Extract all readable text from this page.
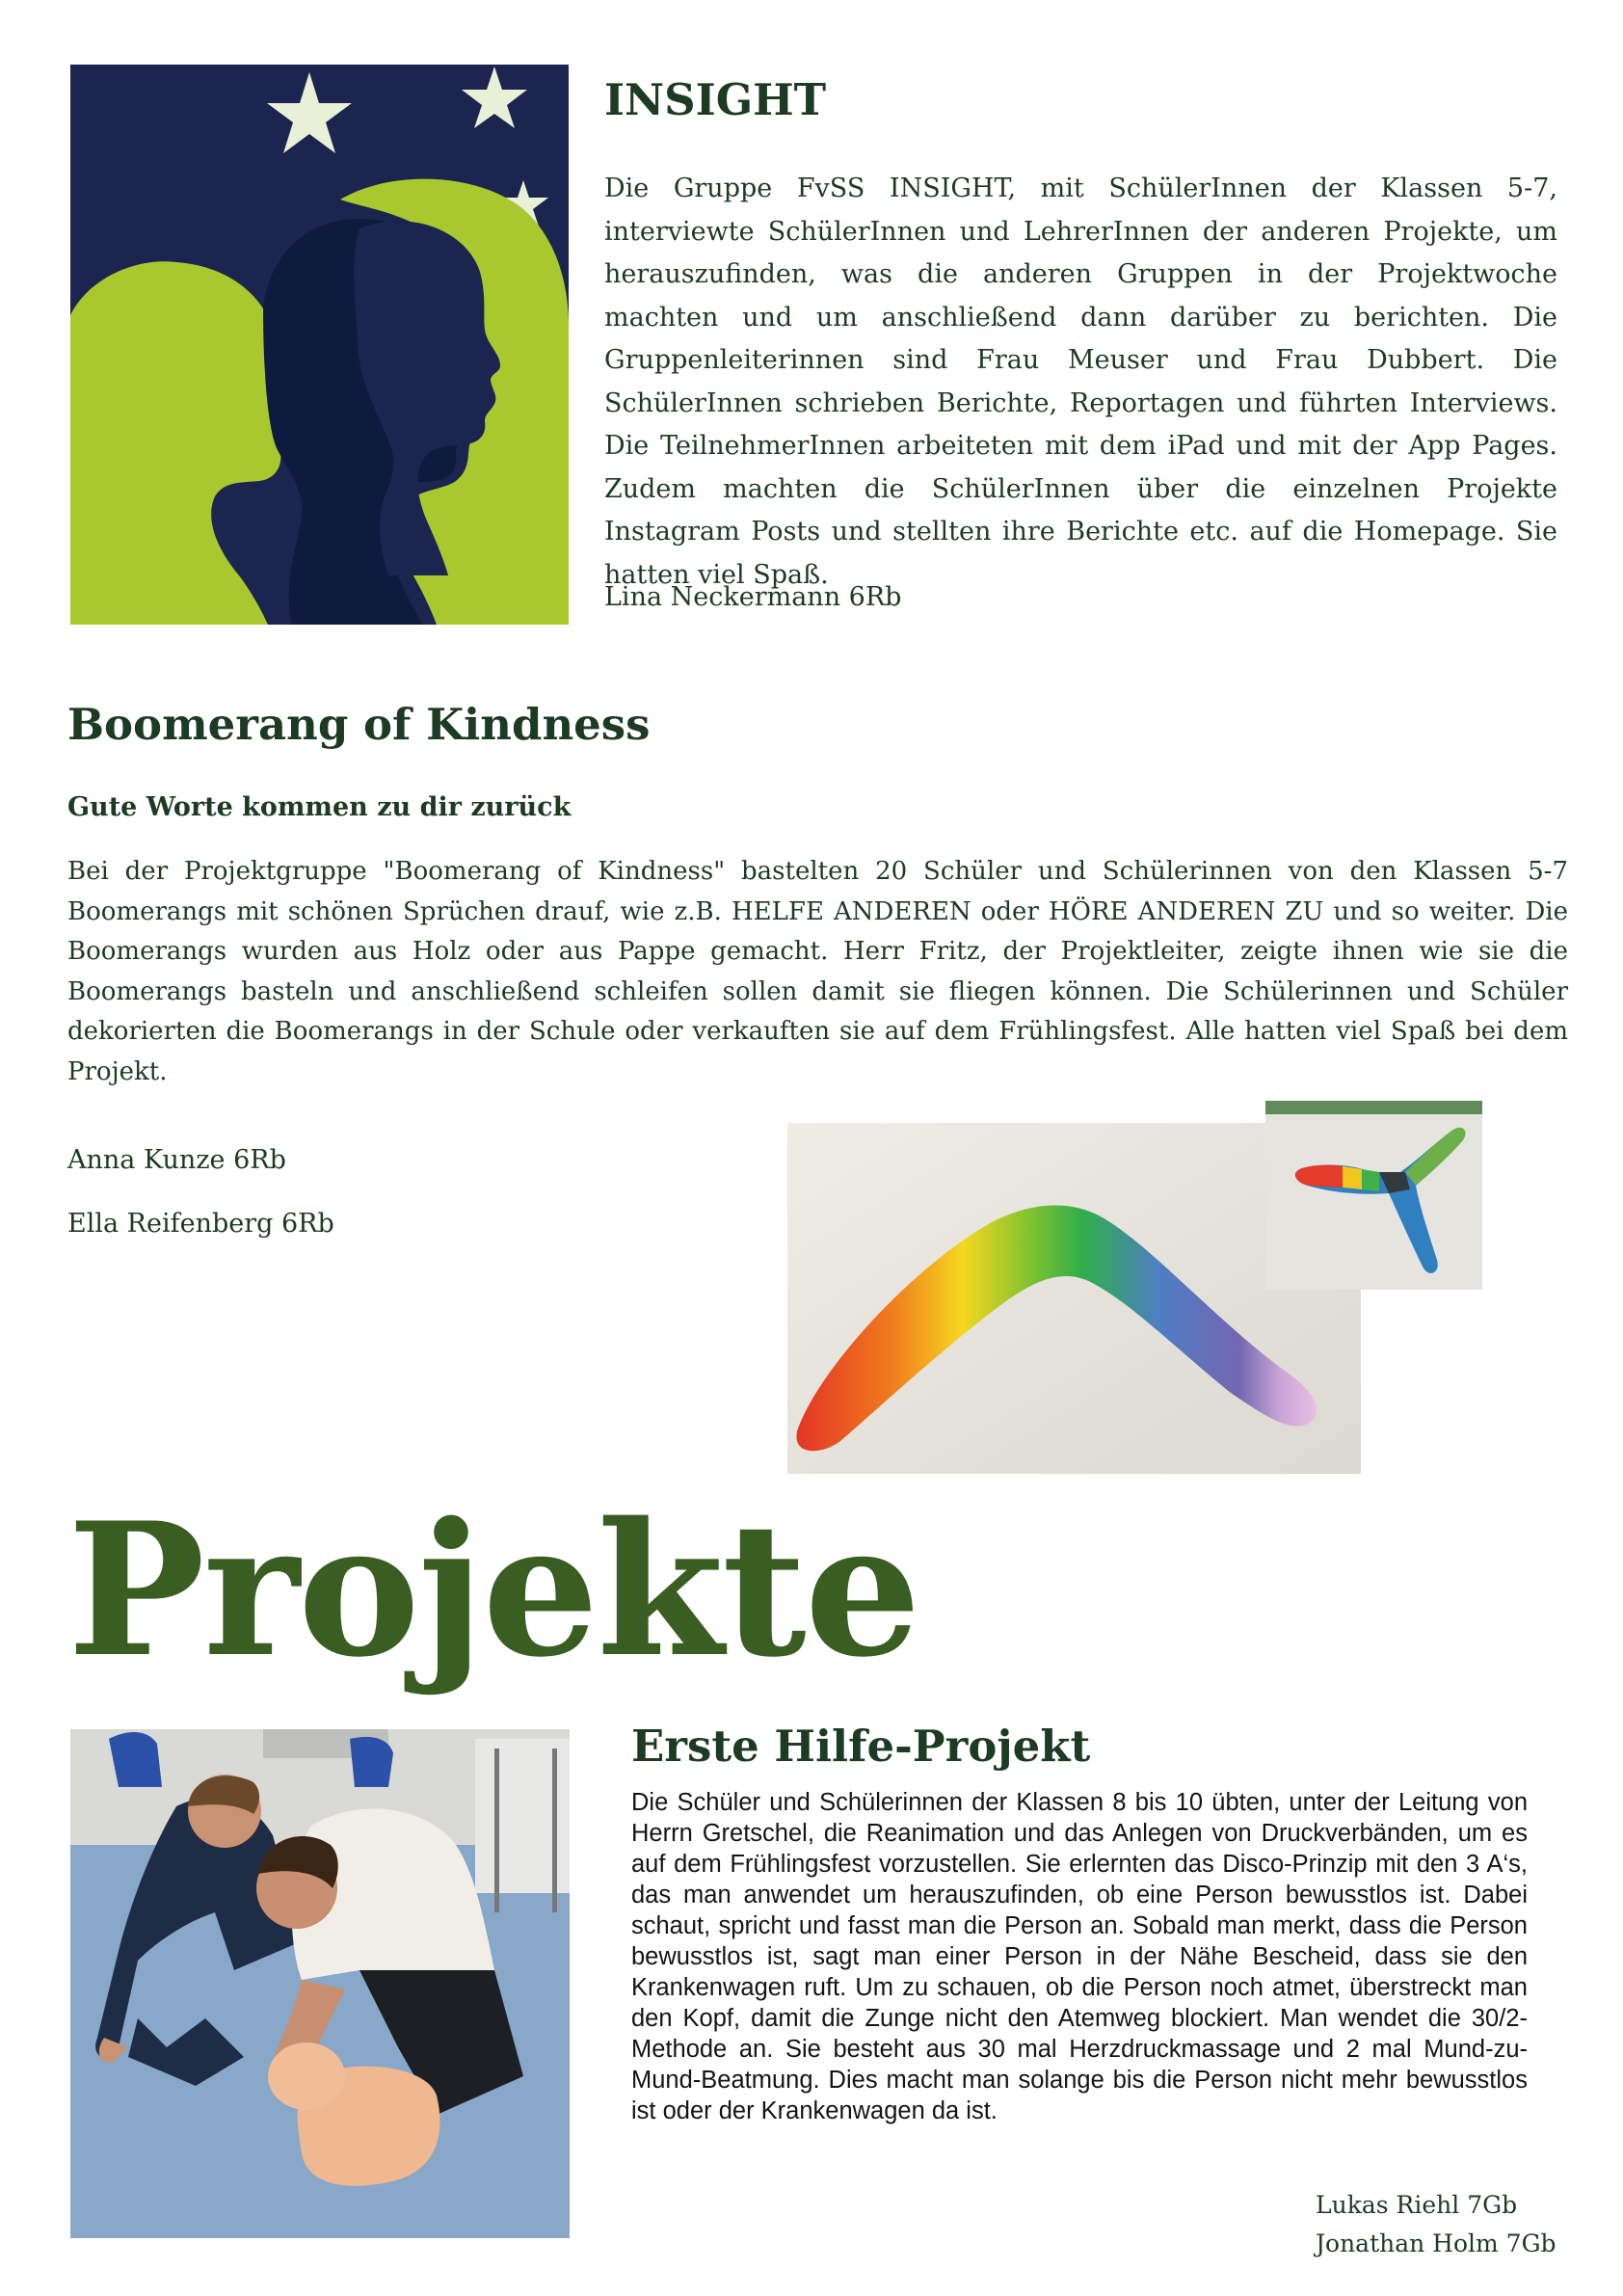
INSIGHT

Die Gruppe FvSS INSIGHT, mit SchülerInnen der Klassen 5-7, interviewte SchülerInnen und LehrerInnen der anderen Projekte, um herauszufinden, was die anderen Gruppen in der Projektwoche machten und um anschließend dann darüber zu berichten. Die Gruppenleiterinnen sind Frau Meuser und Frau Dubbert. Die SchülerInnen schrieben Berichte, Reportagen und führten Interviews. Die TeilnehmerInnen arbeiteten mit dem iPad und mit der App Pages. Zudem machten die SchülerInnen über die einzelnen Projekte Instagram Posts und stellten ihre Berichte etc. auf die Homepage. Sie hatten viel Spaß.

Lina Neckermann 6Rb

Boomerang of Kindness
Gute Worte kommen zu dir zurück

Bei der Projektgruppe "Boomerang of Kindness" bastelten 20 Schüler und Schülerinnen von den Klassen 5-7 Boomerangs mit schönen Sprüchen drauf, wie z.B. HELFE ANDEREN oder HÖRE ANDEREN ZU und so weiter. Die Boomerangs wurden aus Holz oder aus Pappe gemacht. Herr Fritz, der Projektleiter, zeigte ihnen wie sie die Boomerangs basteln und anschließend schleifen sollen damit sie fliegen können. Die Schülerinnen und Schüler dekorierten die Boomerangs in der Schule oder verkauften sie auf dem Frühlingsfest. Alle hatten viel Spaß bei dem Projekt.

Anna Kunze 6Rb

Ella Reifenberg 6Rb

Projekte
Erste Hilfe-Projekt

Die Schüler und Schülerinnen der Klassen 8 bis 10 übten, unter der Leitung von Herrn Gretschel, die Reanimation und das Anlegen von Druckverbänden, um es auf dem Frühlingsfest vorzustellen. Sie erlernten das Disco-Prinzip mit den 3 A‘s, das man anwendet um herauszufinden, ob eine Person bewusstlos ist. Dabei schaut, spricht und fasst man die Person an. Sobald man merkt, dass die Person bewusstlos ist, sagt man einer Person in der Nähe Bescheid, dass sie den Krankenwagen ruft. Um zu schauen, ob die Person noch atmet, überstreckt man den Kopf, damit die Zunge nicht den Atemweg blockiert. Man wendet die 30/2-Methode an. Sie besteht aus 30 mal Herzdruckmassage und 2 mal Mund-zu-Mund-Beatmung. Dies macht man solange bis die Person nicht mehr bewusstlos ist oder der Krankenwagen da ist.

Lukas Riehl 7Gb

Jonathan Holm 7Gb
